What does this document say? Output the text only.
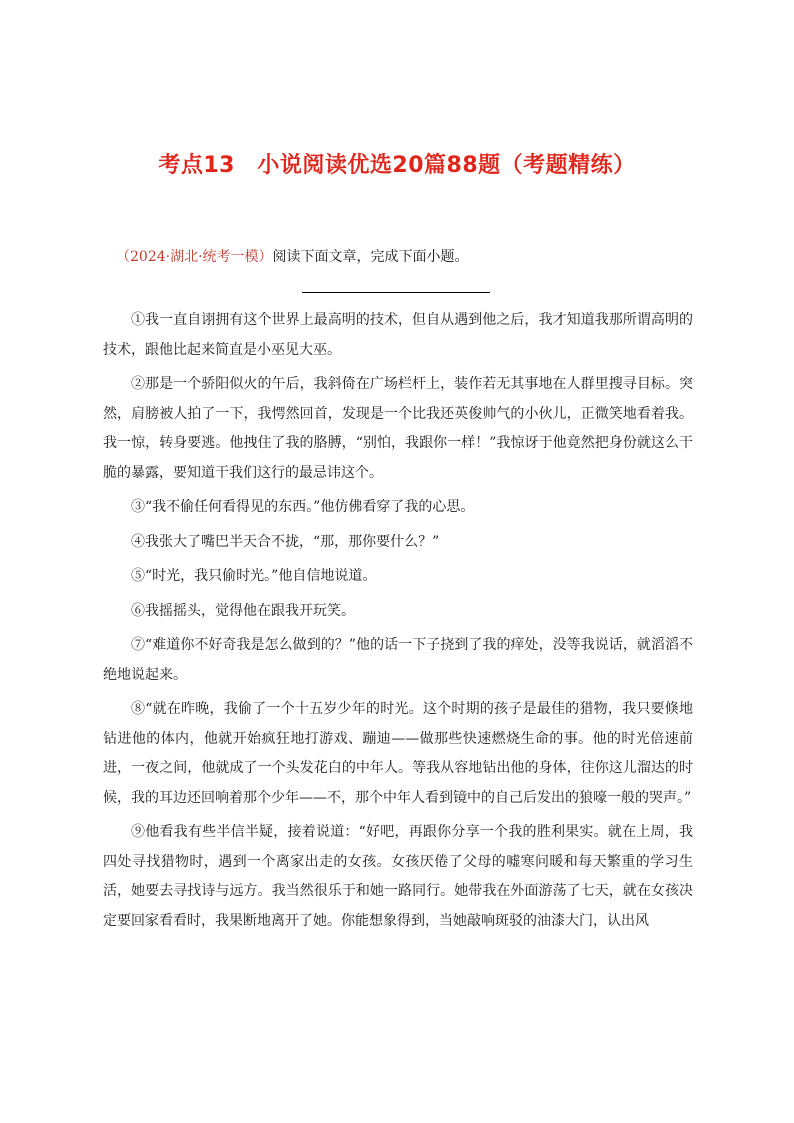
考点13　小说阅读优选20篇88题（考题精练）
（2024·湖北·统考一模）阅读下面文章，完成下面小题。

①我一直自诩拥有这个世界上最高明的技术，但自从遇到他之后，我才知道我那所谓高明的技术，跟他比起来简直是小巫见大巫。

②那是一个骄阳似火的午后，我斜倚在广场栏杆上，装作若无其事地在人群里搜寻目标。突然，肩膀被人拍了一下，我愕然回首，发现是一个比我还英俊帅气的小伙儿，正微笑地看着我。我一惊，转身要逃。他拽住了我的胳膊，“别怕，我跟你一样！”我惊讶于他竟然把身份就这么干脆的暴露，要知道干我们这行的最忌讳这个。

③“我不偷任何看得见的东西。”他仿佛看穿了我的心思。

④我张大了嘴巴半天合不拢，“那，那你要什么？”

⑤“时光，我只偷时光。”他自信地说道。

⑥我摇摇头，觉得他在跟我开玩笑。

⑦“难道你不好奇我是怎么做到的？”他的话一下子挠到了我的痒处，没等我说话，就滔滔不绝地说起来。

⑧“就在昨晚，我偷了一个十五岁少年的时光。这个时期的孩子是最佳的猎物，我只要倏地钻进他的体内，他就开始疯狂地打游戏、蹦迪——做那些快速燃烧生命的事。他的时光倍速前进，一夜之间，他就成了一个头发花白的中年人。等我从容地钻出他的身体，往你这儿溜达的时候，我的耳边还回响着那个少年——不，那个中年人看到镜中的自己后发出的狼嚎一般的哭声。”

⑨他看我有些半信半疑，接着说道：“好吧，再跟你分享一个我的胜利果实。就在上周，我四处寻找猎物时，遇到一个离家出走的女孩。女孩厌倦了父母的嘘寒问暖和每天繁重的学习生活，她要去寻找诗与远方。我当然很乐于和她一路同行。她带我在外面游荡了七天，就在女孩决定要回家看看时，我果断地离开了她。你能想象得到，当她敲响斑驳的油漆大门，认出风
